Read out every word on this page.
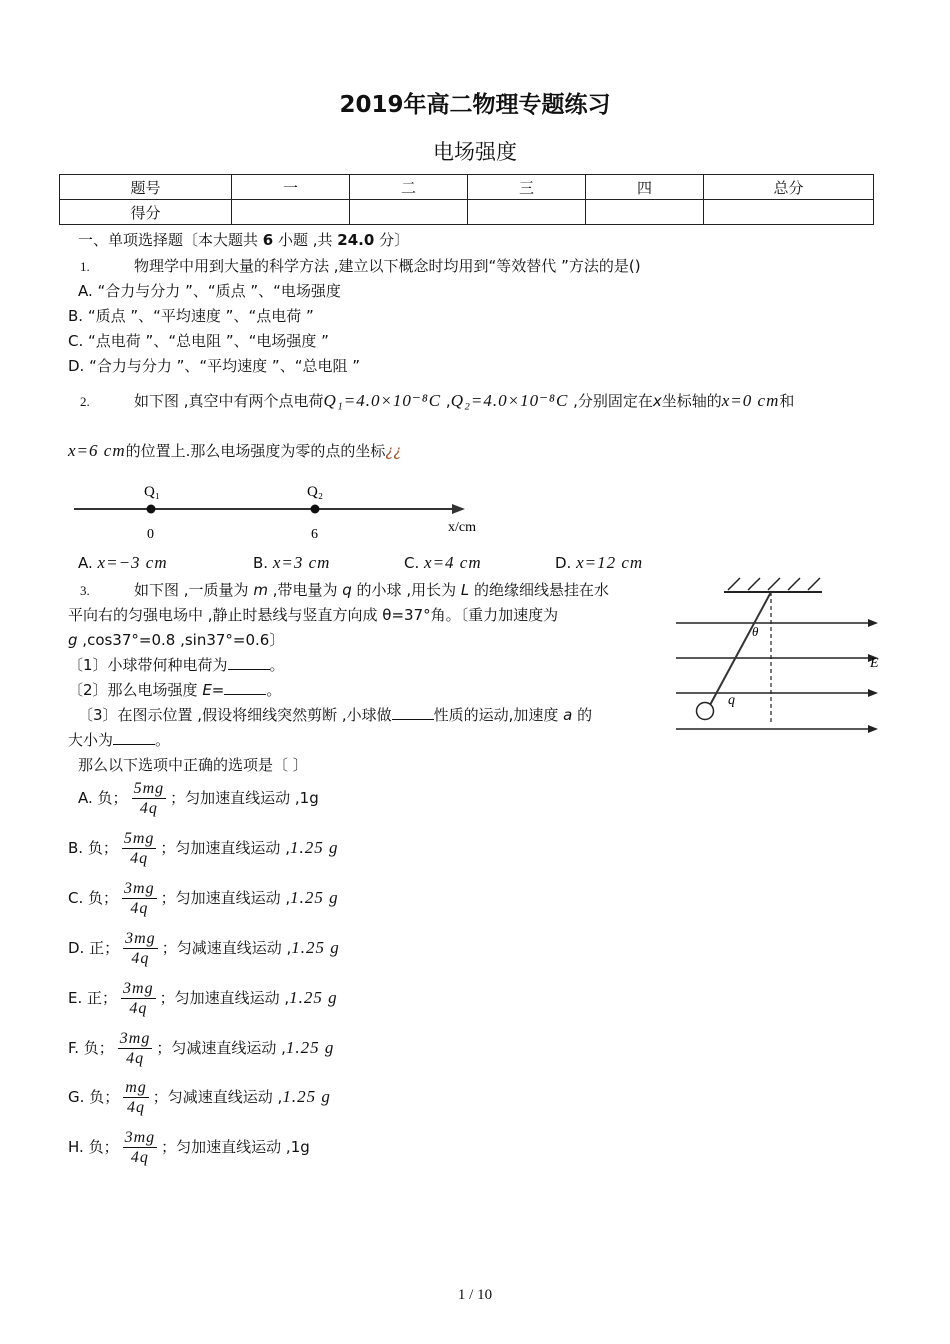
2019年高二物理专题练习
电场强度
题号	一	二	三	四	总分
得分					
一、单项选择题〔本大题共 6 小题 ,共 24.0 分〕
1.	物理学中用到大量的科学方法 ,建立以下概念时均用到“等效替代 ”方法的是()
A. “合力与分力 ”、“质点 ”、“电场强度
B. “质点 ”、“平均速度 ”、“点电荷 ”
C. “点电荷 ”、“总电阻 ”、“电场强度 ”
D. “合力与分力 ”、“平均速度 ”、“总电阻 ”
2.	如下图 ,真空中有两个点电荷Q₁=4.0×10⁻⁸C ,Q₂=4.0×10⁻⁸C ,分别固定在x坐标轴的x=0 cm和
x=6 cm的位置上.那么电场强度为零的点的坐标¿¿
Q₁	Q₂
0	6	x/cm
A. x=−3 cm	B. x=3 cm	C. x=4 cm	D. x=12 cm
3.	如下图 ,一质量为 m ,带电量为 q 的小球 ,用长为 L 的绝缘细线悬挂在水
平向右的匀强电场中 ,静止时悬线与竖直方向成 θ=37°角。〔重力加速度为
g ,cos37°=0.8 ,sin37°=0.6〕
〔1〕小球带何种电荷为	。
〔2〕那么电场强度 E=	。
〔3〕在图示位置 ,假设将细线突然剪断 ,小球做	性质的运动,加速度 a 的
大小为	。
那么以下选项中正确的选项是〔 〕
θ
q
E
A. 负； $\frac{5mg}{4q}$ ；匀加速直线运动 ,1g
B. 负； $\frac{5mg}{4q}$ ；匀加速直线运动 ,1.25 g
C. 负； $\frac{3mg}{4q}$ ；匀加速直线运动 ,1.25 g
D. 正； $\frac{3mg}{4q}$ ；匀减速直线运动 ,1.25 g
E. 正； $\frac{3mg}{4q}$ ；匀加速直线运动 ,1.25 g
F. 负； $\frac{3mg}{4q}$ ；匀减速直线运动 ,1.25 g
G. 负； $\frac{mg}{4q}$ ；匀减速直线运动 ,1.25 g
H. 负； $\frac{3mg}{4q}$ ；匀加速直线运动 ,1g
1 / 10
